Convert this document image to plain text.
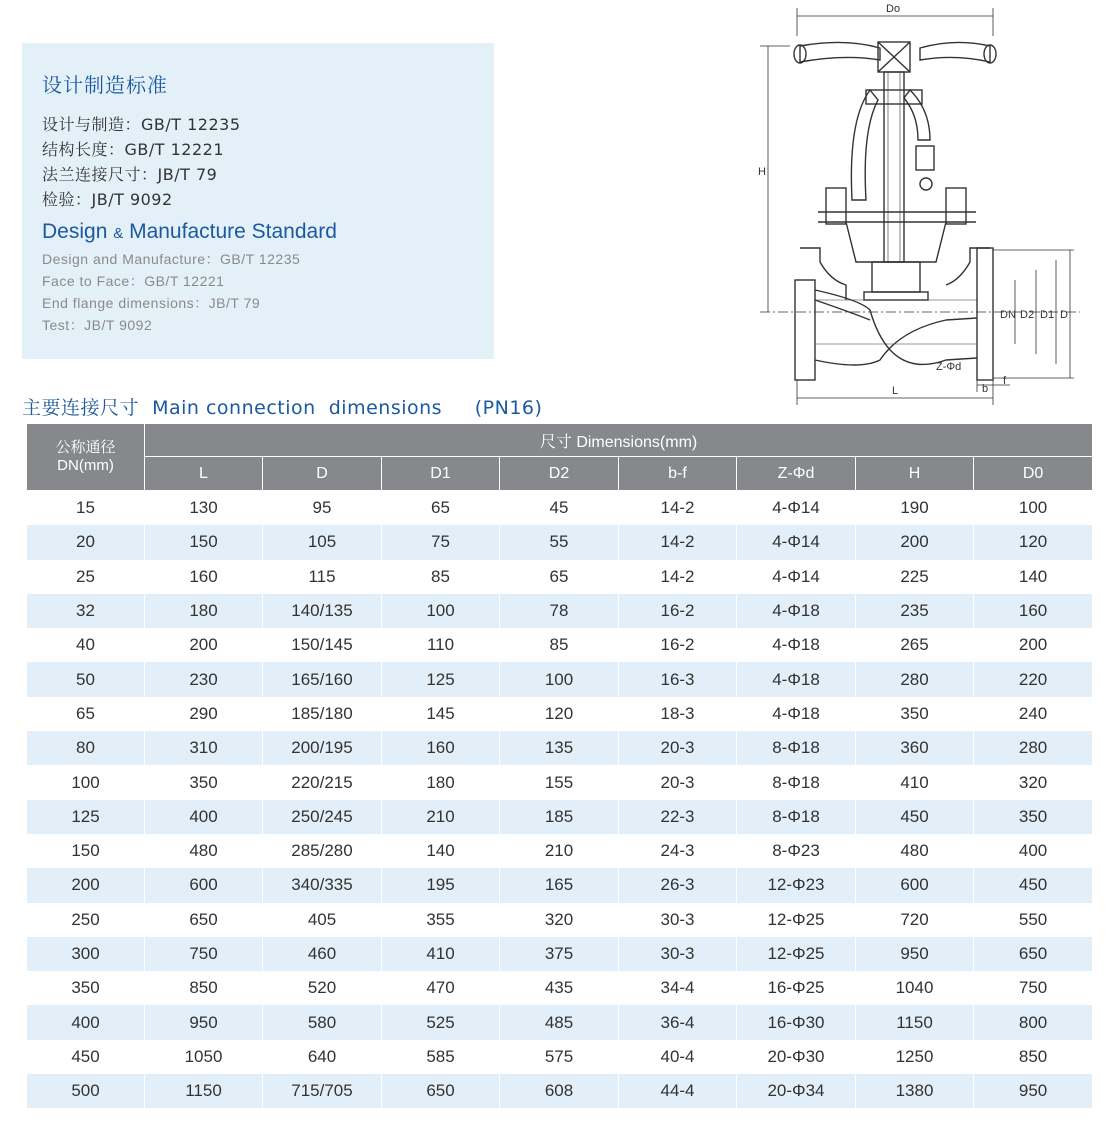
设计制造标准
设计与制造：GB/T 12235
结构长度：GB/T 12221
法兰连接尺寸：JB/T 79
检验：JB/T 9092
Design & Manufacture Standard
Design and Manufacture：GB/T 12235
Face to Face：GB/T 12221
End flange dimensions：JB/T 79
Test：JB/T 9092
主要连接尺寸  Main connection  dimensions     (PN16)
Do
H
DN D2 D1 D
Z-Φd
L
f
b
公称通径
DN(mm)	尺寸 Dimensions(mm)							
	L	D	D1	D2	b-f	Z-Φd	H	D0
15	130	95	65	45	14-2	4-Φ14	190	100
20	150	105	75	55	14-2	4-Φ14	200	120
25	160	115	85	65	14-2	4-Φ14	225	140
32	180	140/135	100	78	16-2	4-Φ18	235	160
40	200	150/145	110	85	16-2	4-Φ18	265	200
50	230	165/160	125	100	16-3	4-Φ18	280	220
65	290	185/180	145	120	18-3	4-Φ18	350	240
80	310	200/195	160	135	20-3	8-Φ18	360	280
100	350	220/215	180	155	20-3	8-Φ18	410	320
125	400	250/245	210	185	22-3	8-Φ18	450	350
150	480	285/280	140	210	24-3	8-Φ23	480	400
200	600	340/335	195	165	26-3	12-Φ23	600	450
250	650	405	355	320	30-3	12-Φ25	720	550
300	750	460	410	375	30-3	12-Φ25	950	650
350	850	520	470	435	34-4	16-Φ25	1040	750
400	950	580	525	485	36-4	16-Φ30	1150	800
450	1050	640	585	575	40-4	20-Φ30	1250	850
500	1150	715/705	650	608	44-4	20-Φ34	1380	950
